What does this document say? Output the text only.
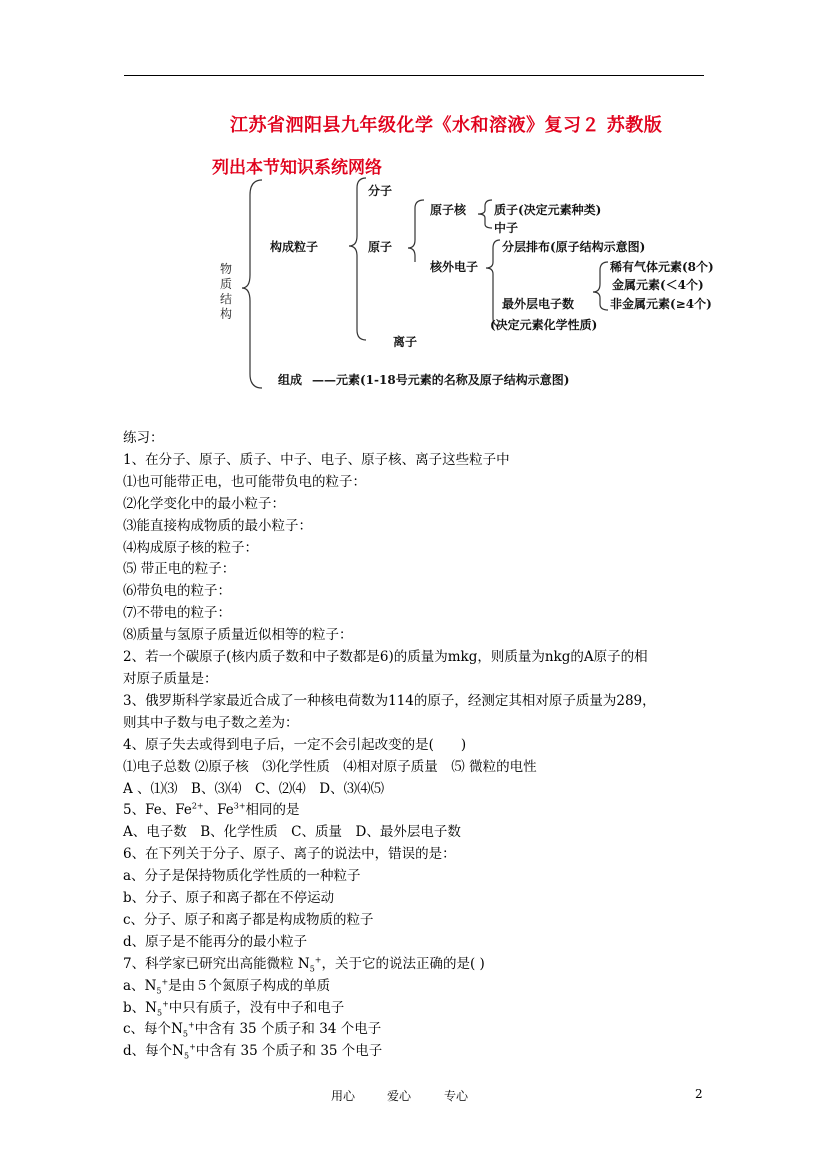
江苏省泗阳县九年级化学《水和溶液》复习２ 苏教版
列出本节知识系统网络
物质结构
构成粒子
分子
原子
原子核 质子(决定元素种类)
中子
核外电子
分层排布(原子结构示意图)
稀有气体元素(8个)
金属元素(＜4个)
非金属元素(≥4个)
最外层电子数
(决定元素化学性质)
离子
组成 ——元素(1-18号元素的名称及原子结构示意图)
练习：
1、在分子、原子、质子、中子、电子、原子核、离子这些粒子中
⑴也可能带正电，也可能带负电的粒子：
⑵化学变化中的最小粒子：
⑶能直接构成物质的最小粒子：
⑷构成原子核的粒子：
⑸ 带正电的粒子：
⑹带负电的粒子：
⑺不带电的粒子：
⑻质量与氢原子质量近似相等的粒子：
2、若一个碳原子(核内质子数和中子数都是6)的质量为mkg，则质量为nkg的A原子的相
对原子质量是：
3、俄罗斯科学家最近合成了一种核电荷数为114的原子，经测定其相对原子质量为289，
则其中子数与电子数之差为：
4、原子失去或得到电子后，一定不会引起改变的是(　　)
⑴电子总数 ⑵原子核　⑶化学性质　⑷相对原子质量　⑸ 微粒的电性
A 、⑴⑶　B、⑶⑷　C、⑵⑷　D、⑶⑷⑸
5、Fe、$Fe^{2+}$、$Fe^{3+}$相同的是
A、电子数　B、化学性质　C、质量　D、最外层电子数
6、在下列关于分子、原子、离子的说法中，错误的是：
a、分子是保持物质化学性质的一种粒子
b、分子、原子和离子都在不停运动
c、分子、原子和离子都是构成物质的粒子
d、原子是不能再分的最小粒子
7、科学家已研究出高能微粒 $N_5^+$，关于它的说法正确的是( )
a、$N_5^+$是由５个氮原子构成的单质
b、$N_5^+$中只有质子，没有中子和电子
c、每个$N_5^+$中含有 35 个质子和 34 个电子
d、每个$N_5^+$中含有 35 个质子和 35 个电子
用心	爱心	专心	2
